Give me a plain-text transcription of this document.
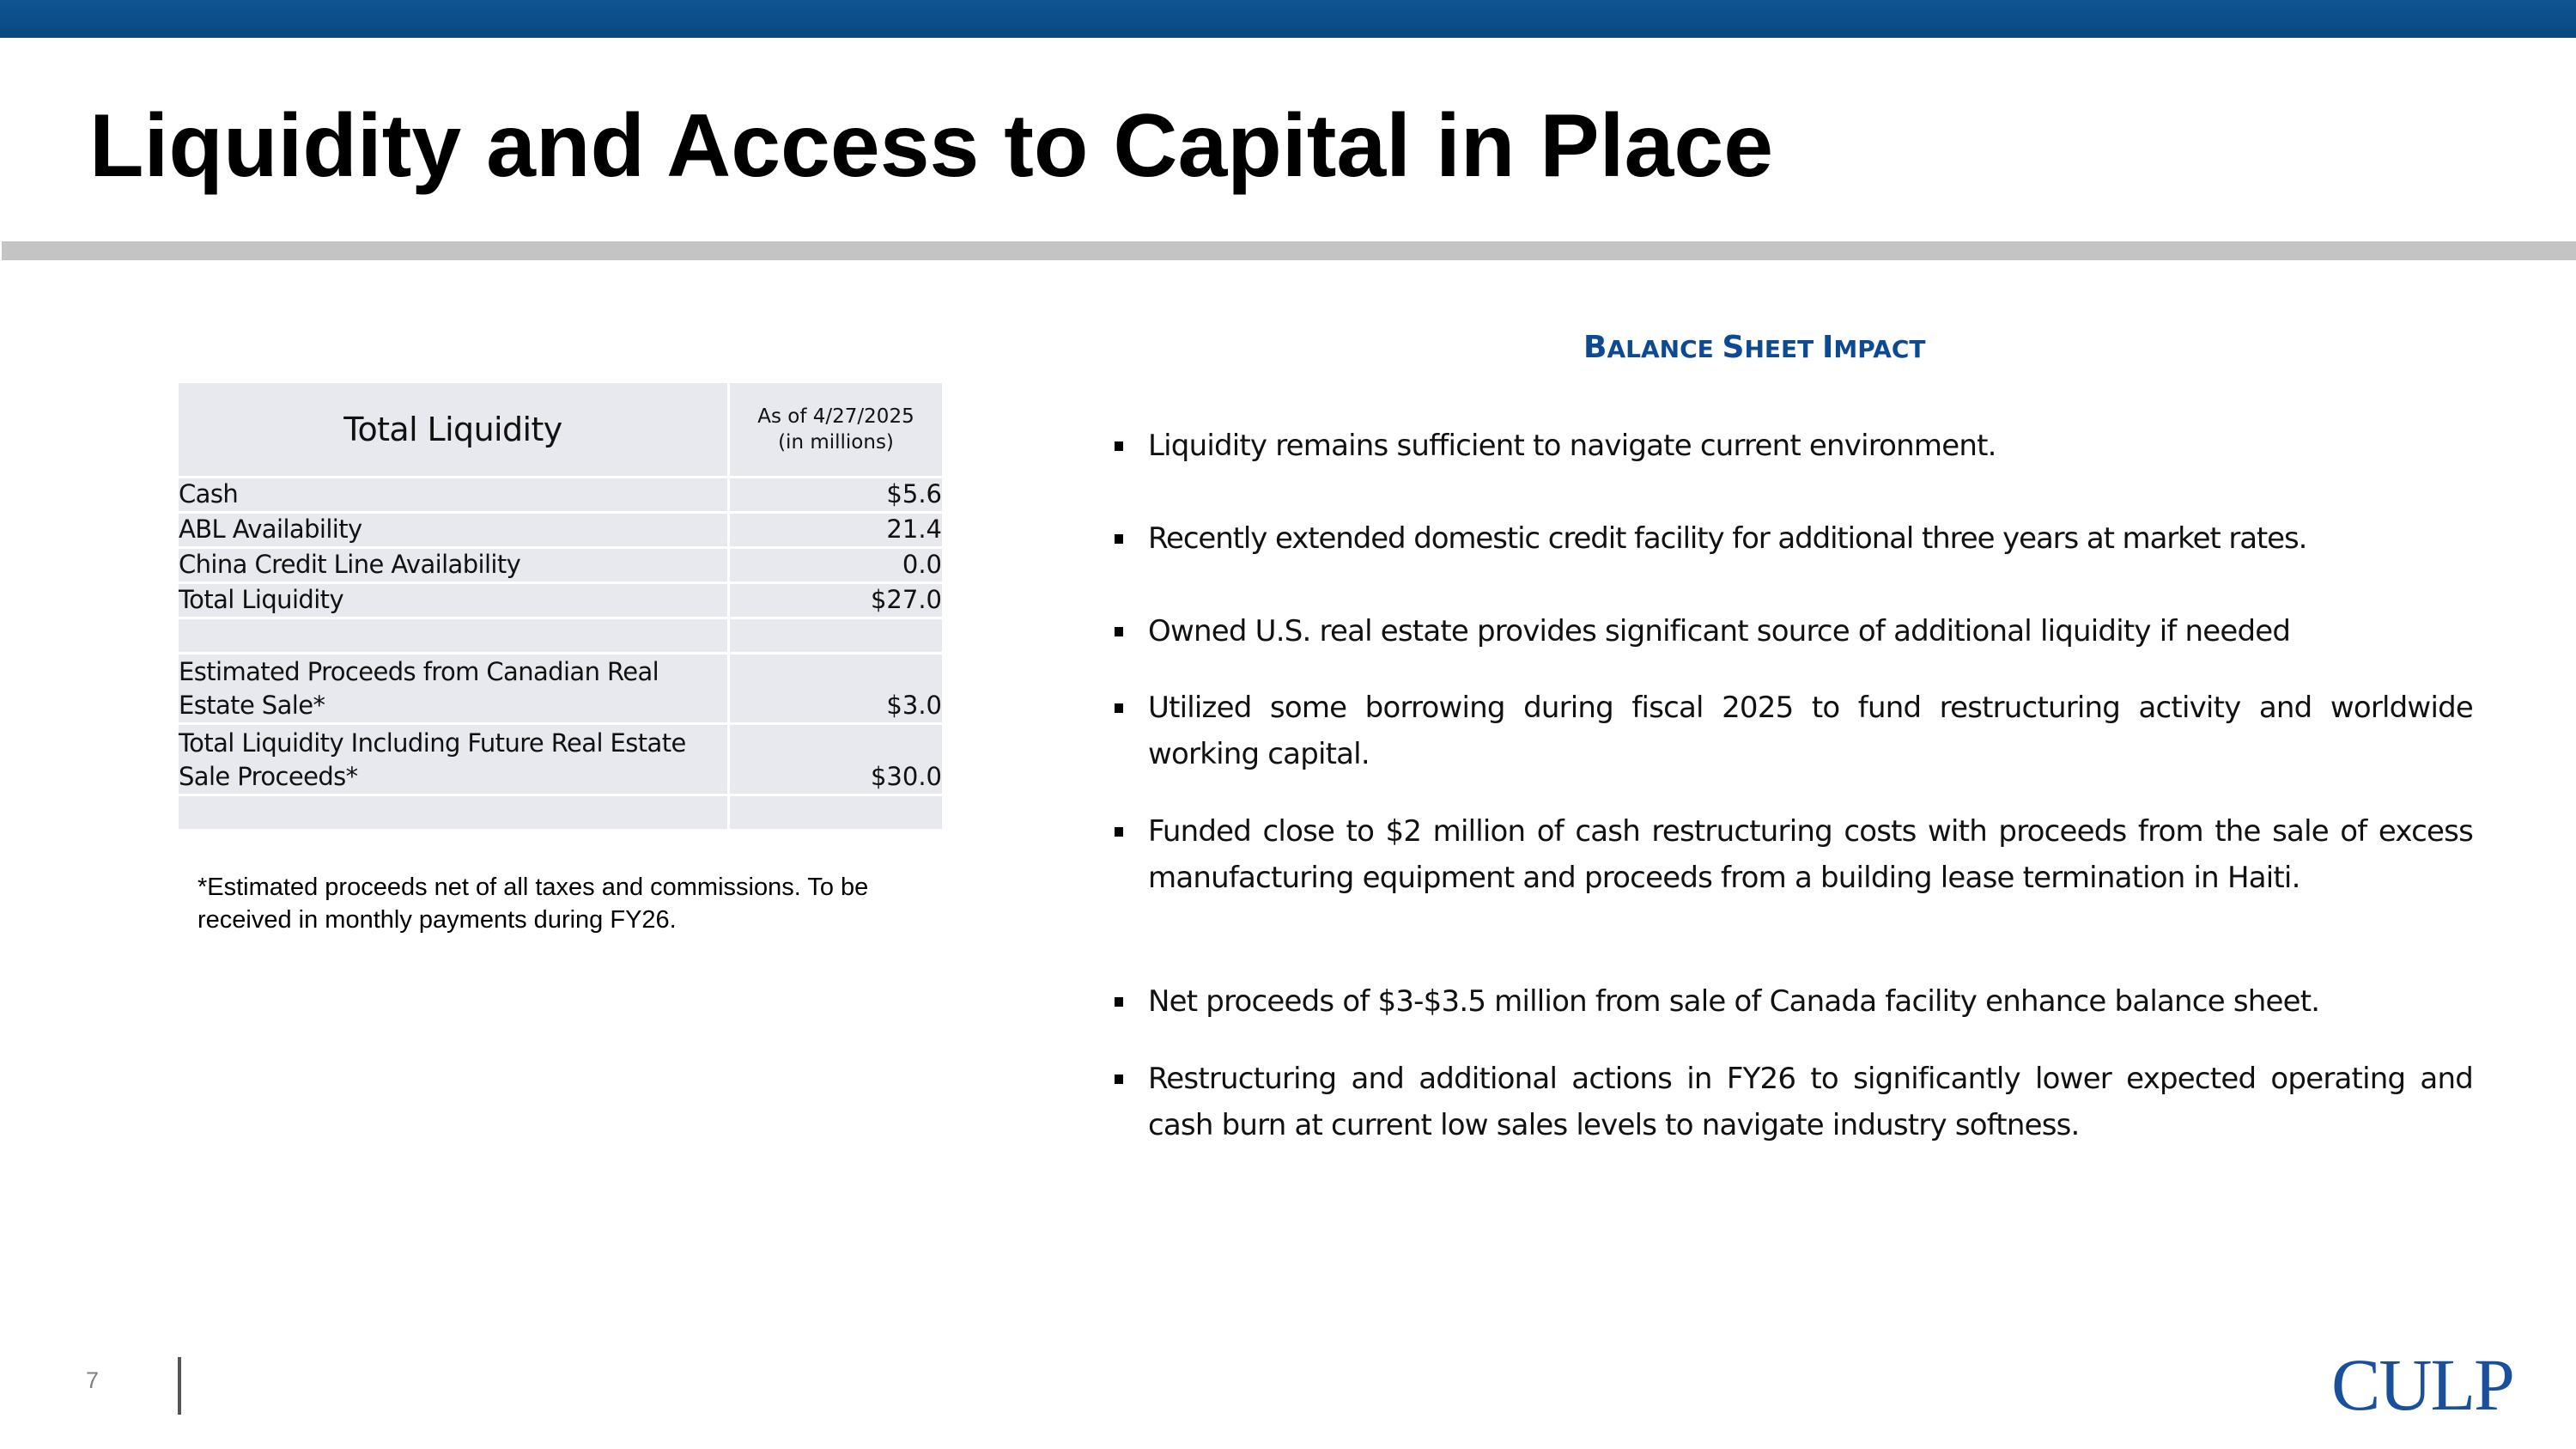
Liquidity and Access to Capital in Place
Total Liquidity	As of 4/27/2025
(in millions)
Cash	$5.6
ABL Availability	21.4
China Credit Line Availability	0.0
Total Liquidity	$27.0
Estimated Proceeds from Canadian Real Estate Sale*	$3.0
Total Liquidity Including Future Real Estate Sale Proceeds*	$30.0
*Estimated proceeds net of all taxes and commissions. To be received in monthly payments during FY26.
BALANCE SHEET IMPACT
Liquidity remains sufficient to navigate current environment.
Recently extended domestic credit facility for additional three years at market rates.
Owned U.S. real estate provides significant source of additional liquidity if needed
Utilized some borrowing during fiscal 2025 to fund restructuring activity and worldwide working capital.
Funded close to $2 million of cash restructuring costs with proceeds from the sale of excess manufacturing equipment and proceeds from a building lease termination in Haiti.
Net proceeds of $3-$3.5 million from sale of Canada facility enhance balance sheet.
Restructuring and additional actions in FY26 to significantly lower expected operating and cash burn at current low sales levels to navigate industry softness.
7	CULP
